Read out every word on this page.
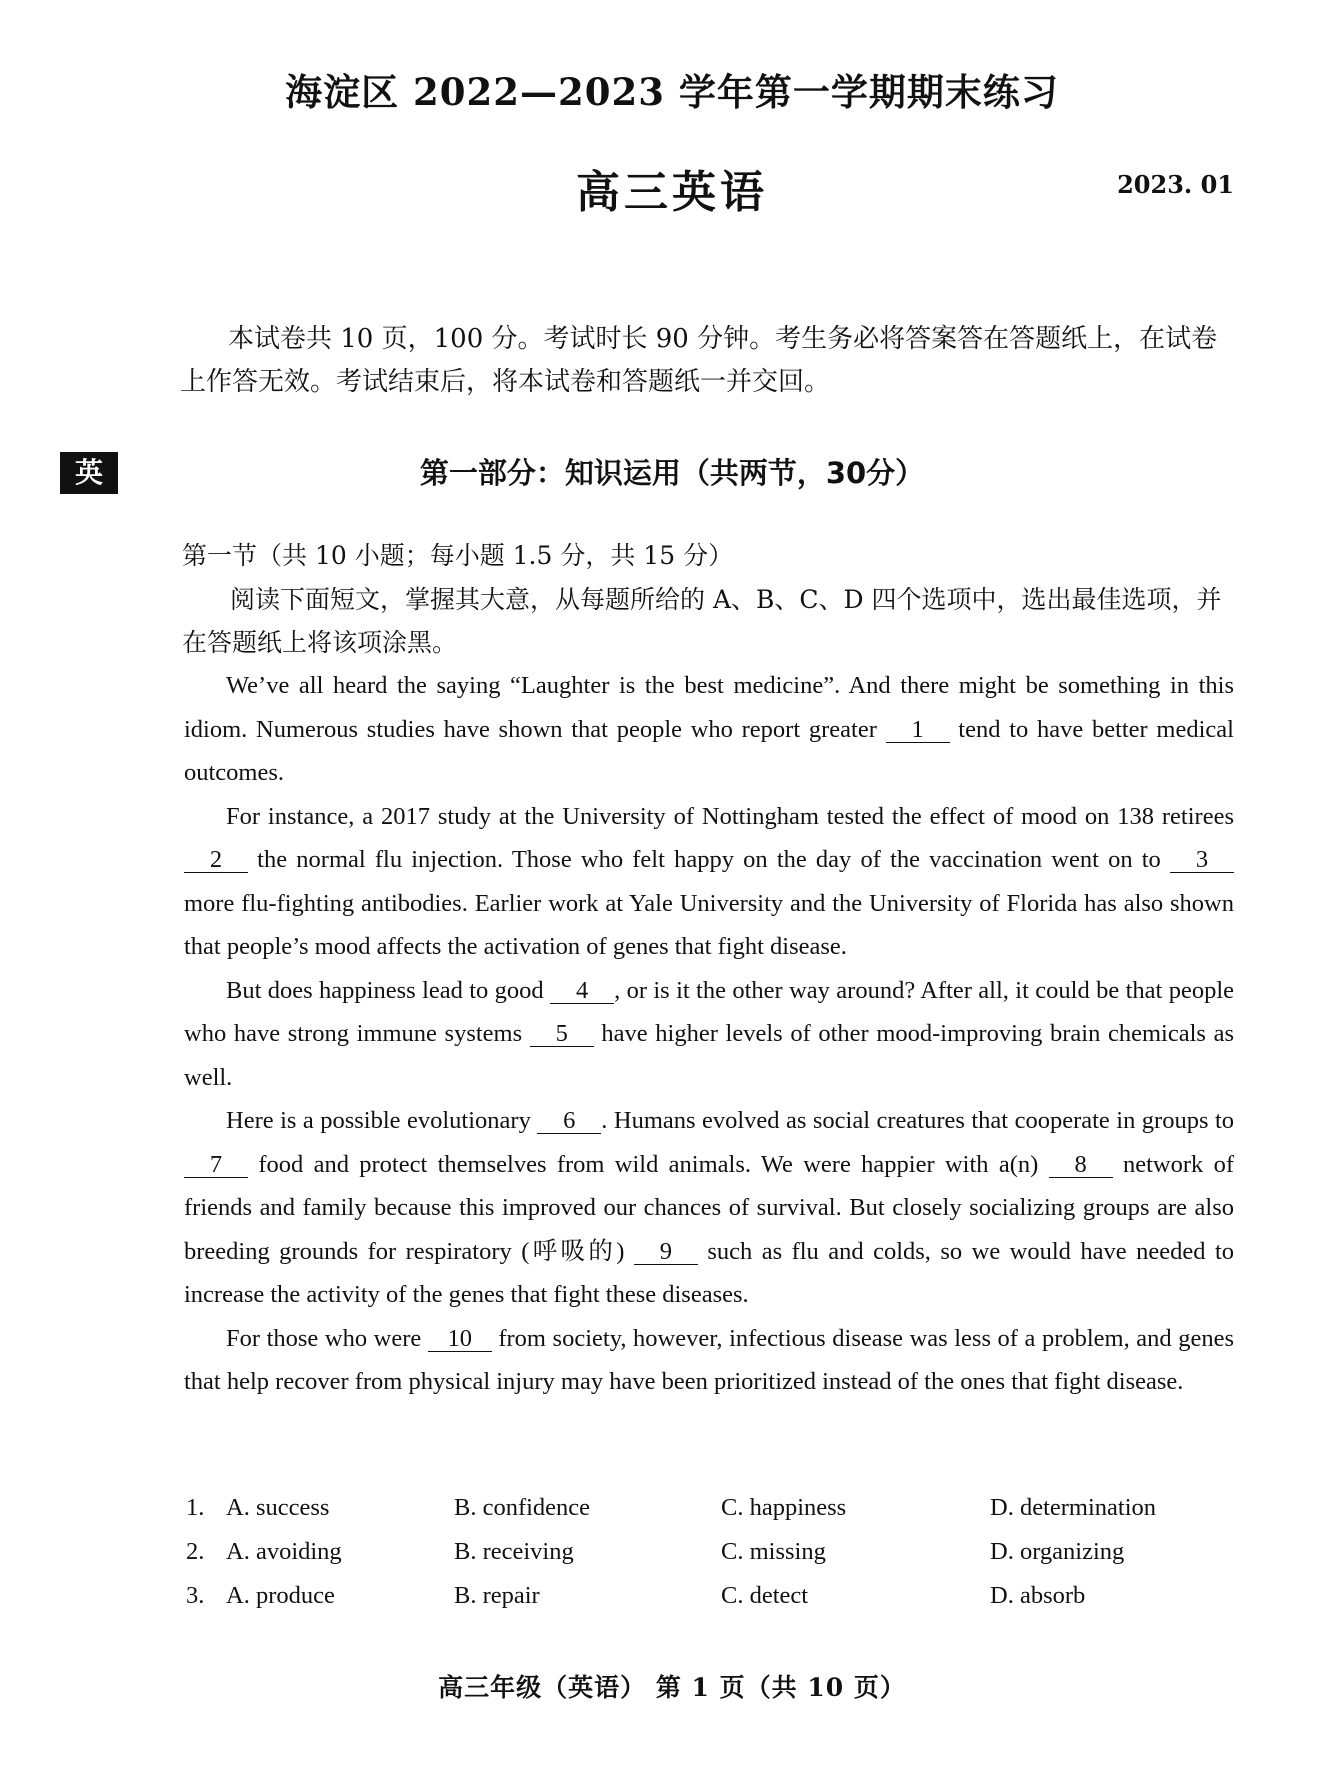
海淀区 2022—2023 学年第一学期期末练习
高三英语	2023. 01

本试卷共 10 页，100 分。考试时长 90 分钟。考生务必将答案答在答题纸上，在试卷上作答无效。考试结束后，将本试卷和答题纸一并交回。

英	第一部分：知识运用（共两节，30分）

第一节（共 10 小题；每小题 1.5 分，共 15 分）

阅读下面短文，掌握其大意，从每题所给的 A、B、C、D 四个选项中，选出最佳选项，并在答题纸上将该项涂黑。

We’ve all heard the saying “Laughter is the best medicine”. And there might be something in this idiom. Numerous studies have shown that people who report greater 1 tend to have better medical outcomes.

For instance, a 2017 study at the University of Nottingham tested the effect of mood on 138 retirees 2 the normal flu injection. Those who felt happy on the day of the vaccination went on to 3 more flu-fighting antibodies. Earlier work at Yale University and the University of Florida has also shown that people’s mood affects the activation of genes that fight disease.

But does happiness lead to good 4 , or is it the other way around? After all, it could be that people who have strong immune systems 5 have higher levels of other mood-improving brain chemicals as well.

Here is a possible evolutionary 6 . Humans evolved as social creatures that cooperate in groups to 7 food and protect themselves from wild animals. We were happier with a(n) 8 network of friends and family because this improved our chances of survival. But closely socializing groups are also breeding grounds for respiratory (呼吸的) 9 such as flu and colds, so we would have needed to increase the activity of the genes that fight these diseases.

For those who were 10 from society, however, infectious disease was less of a problem, and genes that help recover from physical injury may have been prioritized instead of the ones that fight disease.

1. A. success	B. confidence	C. happiness	D. determination
2. A. avoiding	B. receiving	C. missing	D. organizing
3. A. produce	B. repair	C. detect	D. absorb
高三年级（英语） 第 1 页（共 10 页）
